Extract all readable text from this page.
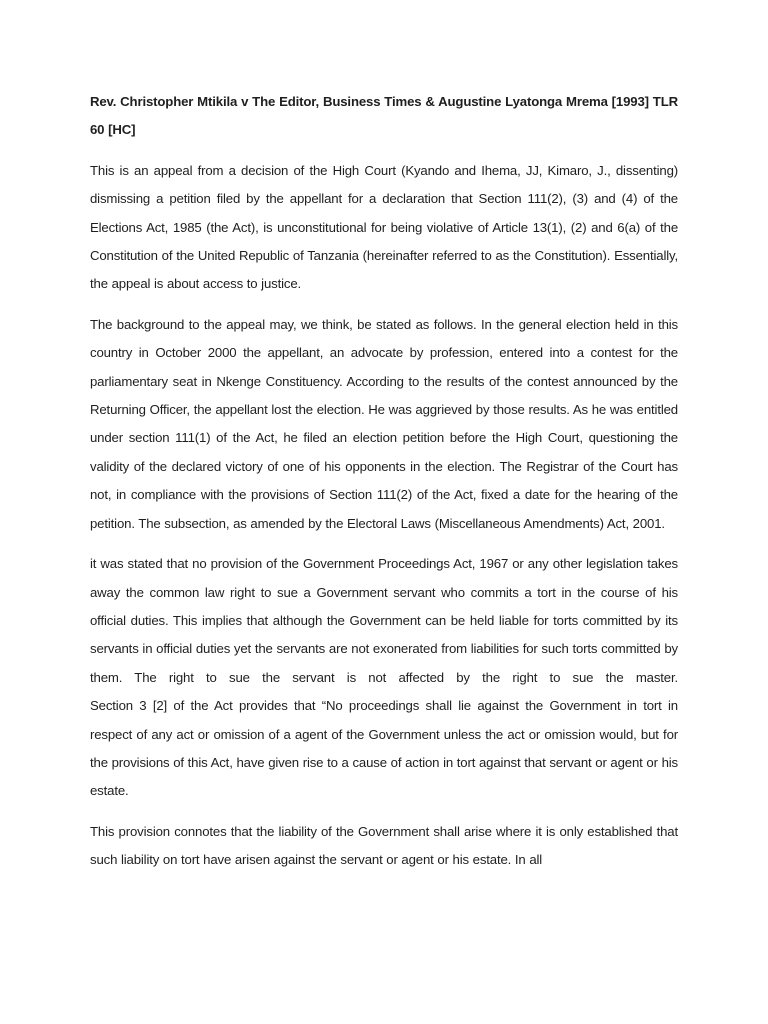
Rev. Christopher Mtikila v The Editor, Business Times & Augustine Lyatonga Mrema [1993] TLR 60 [HC]

This is an appeal from a decision of the High Court (Kyando and Ihema, JJ, Kimaro, J., dissenting) dismissing a petition filed by the appellant for a declaration that Section 111(2), (3) and (4) of the Elections Act, 1985 (the Act), is unconstitutional for being violative of Article 13(1), (2) and 6(a) of the Constitution of the United Republic of Tanzania (hereinafter referred to as the Constitution). Essentially, the appeal is about access to justice.

The background to the appeal may, we think, be stated as follows. In the general election held in this country in October 2000 the appellant, an advocate by profession, entered into a contest for the parliamentary seat in Nkenge Constituency. According to the results of the contest announced by the Returning Officer, the appellant lost the election. He was aggrieved by those results. As he was entitled under section 111(1) of the Act, he filed an election petition before the High Court, questioning the validity of the declared victory of one of his opponents in the election. The Registrar of the Court has not, in compliance with the provisions of Section 111(2) of the Act, fixed a date for the hearing of the petition. The subsection, as amended by the Electoral Laws (Miscellaneous Amendments) Act, 2001.

it was stated that no provision of the Government Proceedings Act, 1967 or any other legislation takes away the common law right to sue a Government servant who commits a tort in the course of his official duties. This implies that although the Government can be held liable for torts committed by its servants in official duties yet the servants are not exonerated from liabilities for such torts committed by them. The right to sue the servant is not affected by the right to sue the master.
Section 3 [2] of the Act provides that “No proceedings shall lie against the Government in tort in respect of any act or omission of a agent of the Government unless the act or omission would, but for the provisions of this Act, have given rise to a cause of action in tort against that servant or agent or his estate.

This provision connotes that the liability of the Government shall arise where it is only established that such liability on tort have arisen against the servant or agent or his estate. In all
